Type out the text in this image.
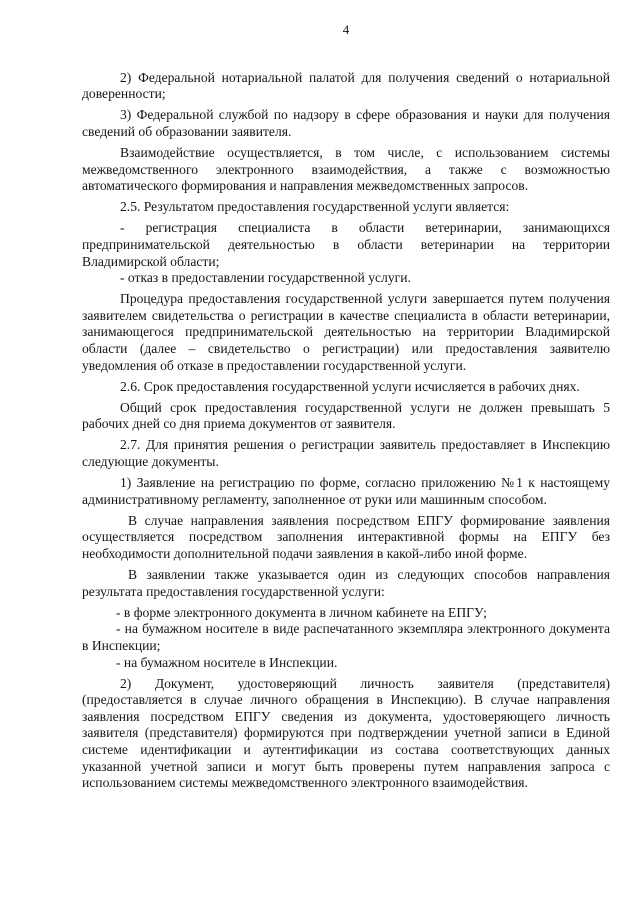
4

2) Федеральной нотариальной палатой для получения сведений о нотариальной доверенности;

3) Федеральной службой по надзору в сфере образования и науки для получения сведений об образовании заявителя.

Взаимодействие осуществляется, в том числе, с использованием системы межведомственного электронного взаимодействия, а также с возможностью автоматического формирования и направления межведомственных запросов.

2.5. Результатом предоставления государственной услуги является:

- регистрация специалиста в области ветеринарии, занимающихся предпринимательской деятельностью в области ветеринарии на территории Владимирской области;

- отказ в предоставлении государственной услуги.

Процедура предоставления государственной услуги завершается путем получения заявителем свидетельства о регистрации в качестве специалиста в области ветеринарии, занимающегося предпринимательской деятельностью на территории Владимирской области (далее – свидетельство о регистрации) или предоставления заявителю уведомления об отказе в предоставлении государственной услуги.

2.6. Срок предоставления государственной услуги исчисляется в рабочих днях.

Общий срок предоставления государственной услуги не должен превышать 5 рабочих дней со дня приема документов от заявителя.

2.7. Для принятия решения о регистрации заявитель предоставляет в Инспекцию следующие документы.

1) Заявление на регистрацию по форме, согласно приложению №1 к настоящему административному регламенту, заполненное от руки или машинным способом.

В случае направления заявления посредством ЕПГУ формирование заявления осуществляется посредством заполнения интерактивной формы на ЕПГУ без необходимости дополнительной подачи заявления в какой-либо иной форме.

В заявлении также указывается один из следующих способов направления результата предоставления государственной услуги:

- в форме электронного документа в личном кабинете на ЕПГУ;

- на бумажном носителе в виде распечатанного экземпляра электронного документа в Инспекции;

- на бумажном носителе в Инспекции.

2) Документ, удостоверяющий личность заявителя (представителя) (предоставляется в случае личного обращения в Инспекцию). В случае направления заявления посредством ЕПГУ сведения из документа, удостоверяющего личность заявителя (представителя) формируются при подтверждении учетной записи в Единой системе идентификации и аутентификации из состава соответствующих данных указанной учетной записи и могут быть проверены путем направления запроса с использованием системы межведомственного электронного взаимодействия.
